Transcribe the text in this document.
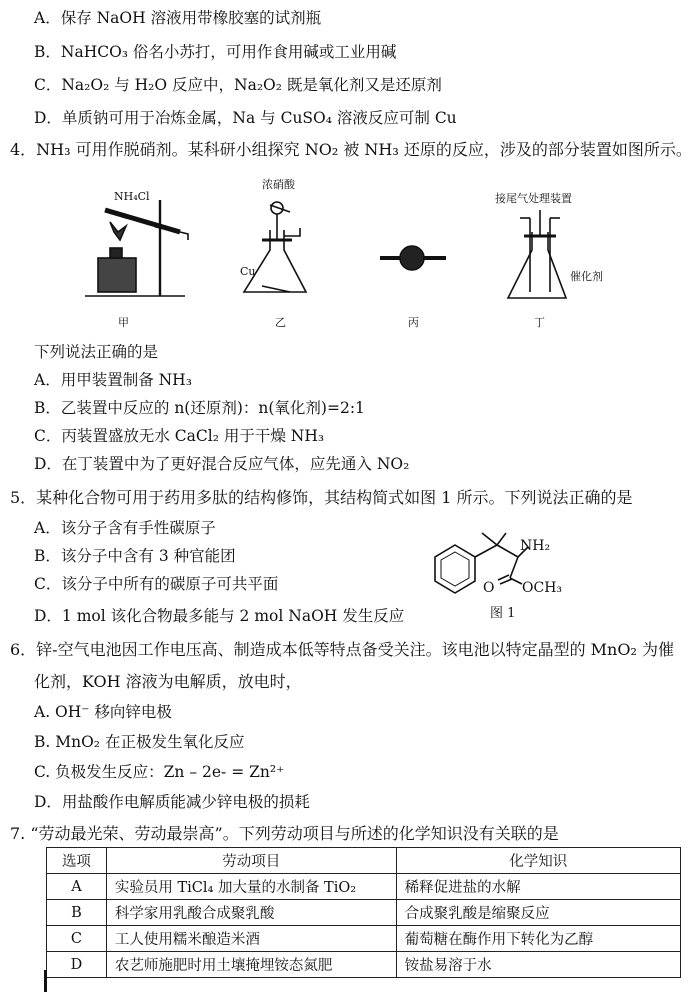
A．保存 NaOH 溶液用带橡胶塞的试剂瓶
B．NaHCO₃ 俗名小苏打，可用作食用碱或工业用碱
C．Na₂O₂ 与 H₂O 反应中，Na₂O₂ 既是氧化剂又是还原剂
D．单质钠可用于冶炼金属，Na 与 CuSO₄ 溶液反应可制 Cu
4．NH₃ 可用作脱硝剂。某科研小组探究 NO₂ 被 NH₃ 还原的反应，涉及的部分装置如图所示。
NH₄Cl
浓硝酸
Cu
接尾气处理装置
催化剂
甲	乙	丙	丁
下列说法正确的是
A．用甲装置制备 NH₃
B．乙装置中反应的 n(还原剂)：n(氧化剂)=2:1
C．丙装置盛放无水 CaCl₂ 用于干燥 NH₃
D．在丁装置中为了更好混合反应气体，应先通入 NO₂
5．某种化合物可用于药用多肽的结构修饰，其结构简式如图 1 所示。下列说法正确的是
A．该分子含有手性碳原子
B．该分子中含有 3 种官能团
C．该分子中所有的碳原子可共平面
D．1 mol 该化合物最多能与 2 mol NaOH 发生反应
NH₂
O OCH₃
图 1
6．锌-空气电池因工作电压高、制造成本低等特点备受关注。该电池以特定晶型的 MnO₂ 为催
化剂，KOH 溶液为电解质，放电时，
A. OH⁻ 移向锌电极
B. MnO₂ 在正极发生氧化反应
C. 负极发生反应：Zn – 2e- = Zn²⁺
D．用盐酸作电解质能减少锌电极的损耗
7. “劳动最光荣、劳动最崇高”。下列劳动项目与所述的化学知识没有关联的是
选项	劳动项目	化学知识
A	实验员用 TiCl₄ 加大量的水制备 TiO₂	稀释促进盐的水解
B	科学家用乳酸合成聚乳酸	合成聚乳酸是缩聚反应
C	工人使用糯米酿造米酒	葡萄糖在酶作用下转化为乙醇
D	农艺师施肥时用土壤掩埋铵态氮肥	铵盐易溶于水
